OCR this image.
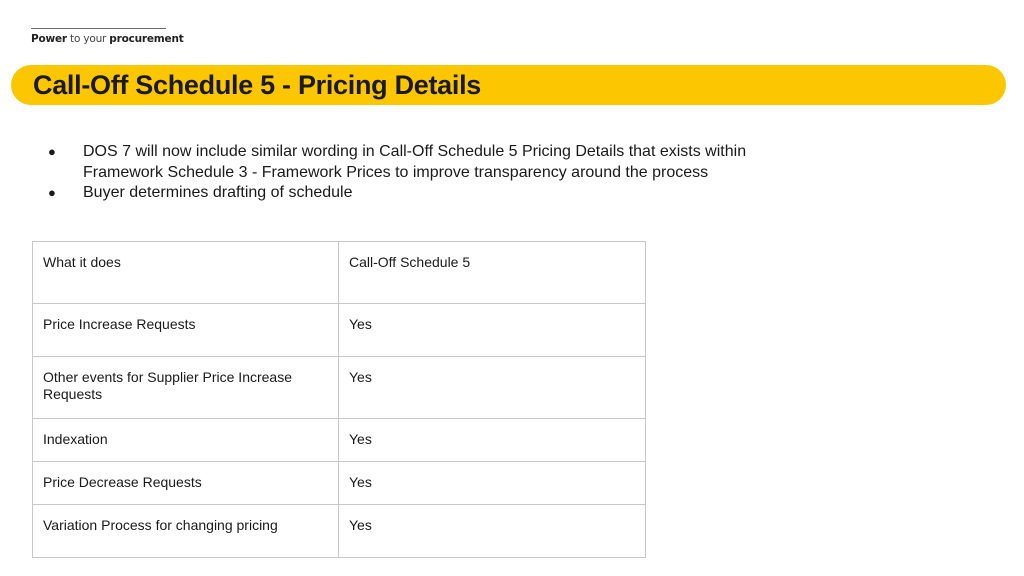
Power to your procurement
Call-Off Schedule 5 - Pricing Details
● DOS 7 will now include similar wording in Call-Off Schedule 5 Pricing Details that exists within Framework Schedule 3 - Framework Prices to improve transparency around the process
● Buyer determines drafting of schedule
What it does	Call-Off Schedule 5
Price Increase Requests	Yes
Other events for Supplier Price Increase Requests	Yes
Indexation	Yes
Price Decrease Requests	Yes
Variation Process for changing pricing	Yes
